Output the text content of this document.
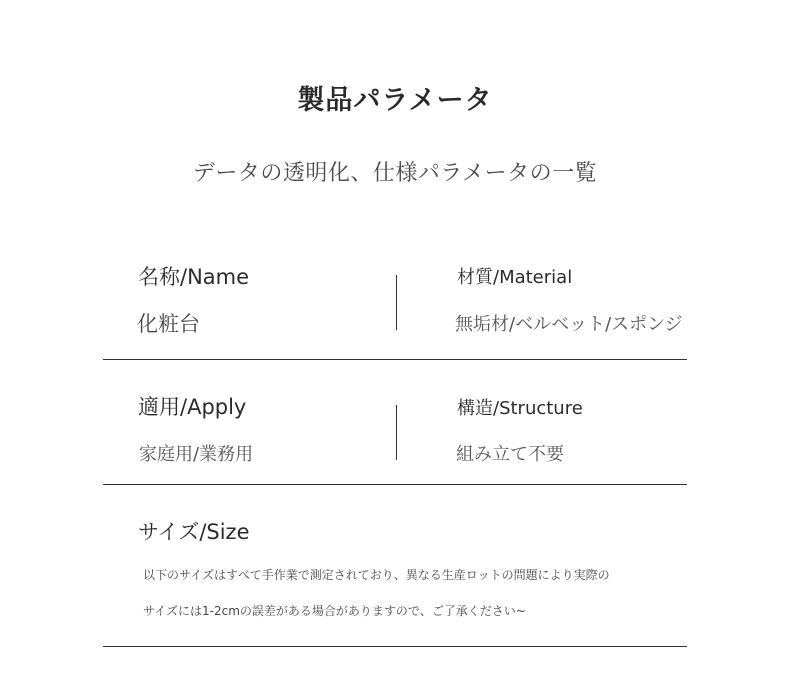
製品パラメータ
データの透明化、仕様パラメータの一覧
名称/Name
化粧台
材質/Material
無垢材/ベルベット/スポンジ
適用/Apply
家庭用/業務用
構造/Structure
組み立て不要
サイズ/Size
以下のサイズはすべて手作業で測定されており、異なる生産ロットの問題により実際の
サイズには1-2cmの誤差がある場合がありますので、ご了承ください~
